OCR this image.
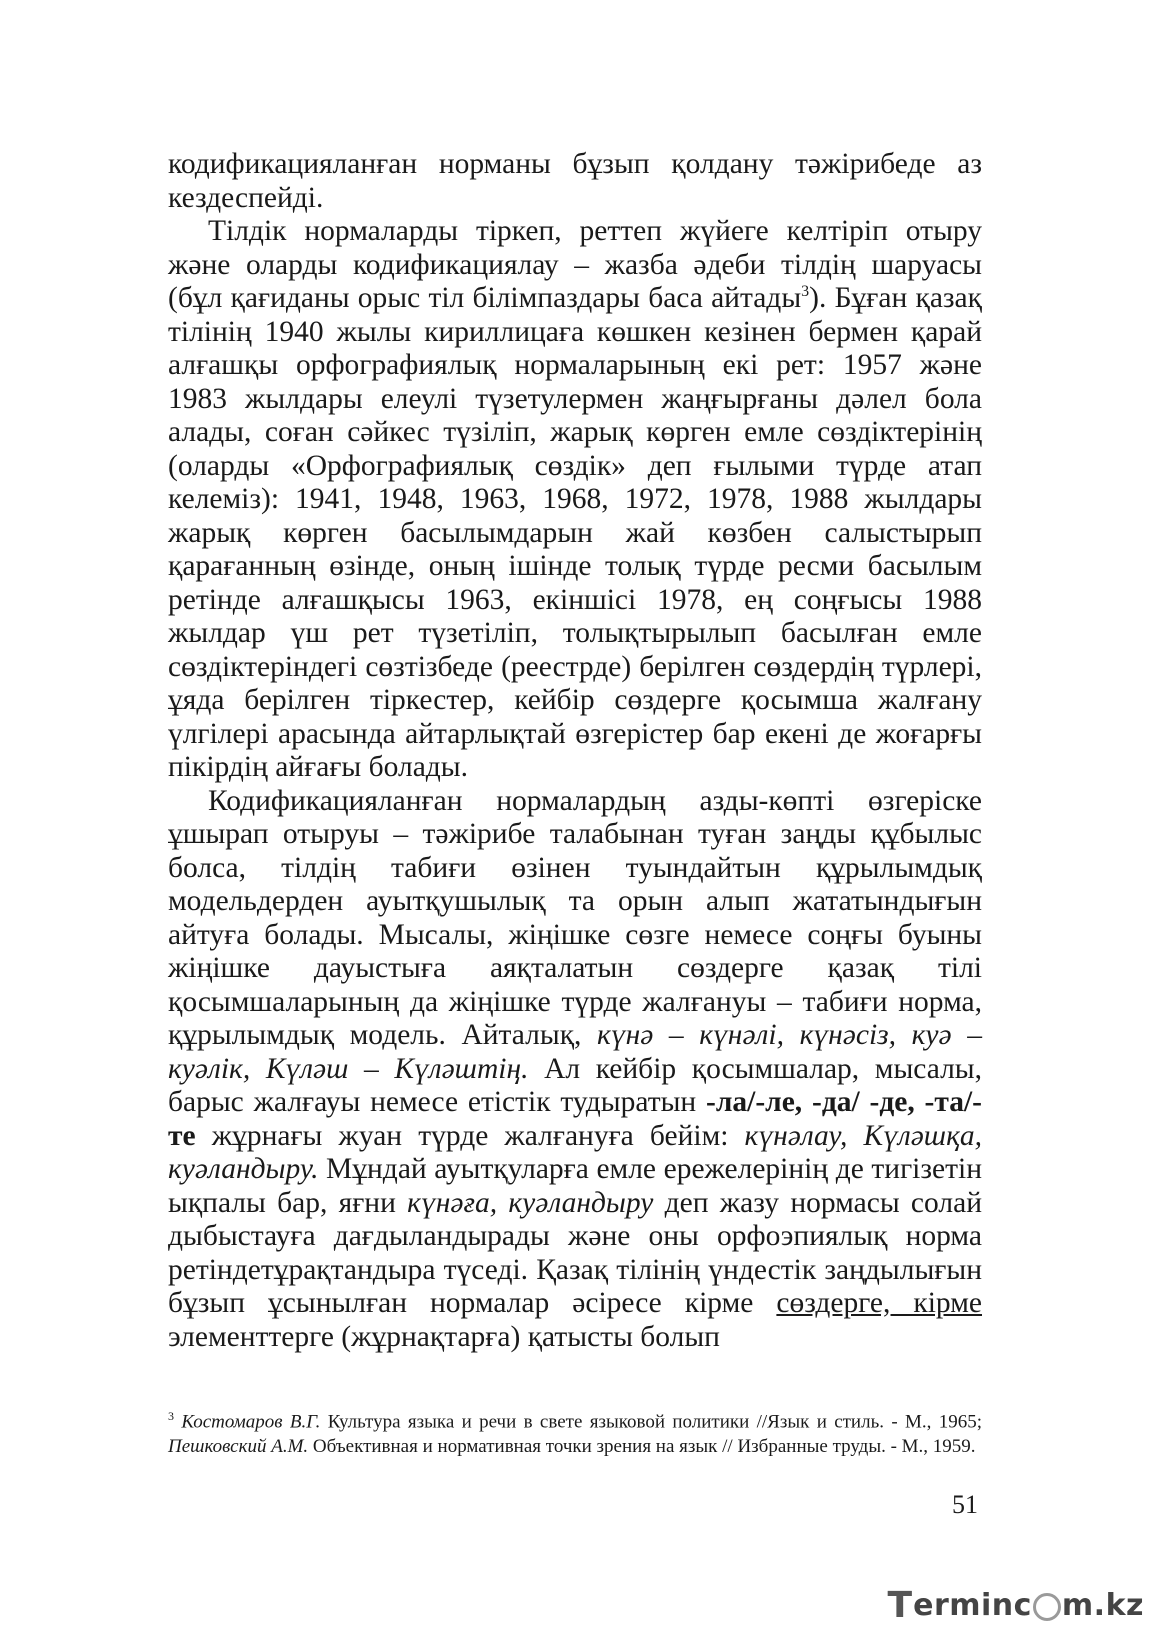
кодификацияланған норманы бұзып қолдану тәжірибеде аз кездеспейді.

Тілдік нормаларды тіркеп, реттеп жүйеге келтіріп отыру және оларды кодификациялау – жазба әдеби тілдің шаруасы (бұл қағиданы орыс тіл білімпаздары баса айтады$^3$). Бұған қазақ тілінің 1940 жылы кириллицаға көшкен кезінен бермен қарай алғашқы орфографиялық нормаларының екі рет: 1957 және 1983 жылдары елеулі түзетулермен жаңғырғаны дәлел бола алады, соған сәйкес түзіліп, жарық көрген емле сөздіктерінің (оларды «Орфографиялық сөздік» деп ғылыми түрде атап келеміз): 1941, 1948, 1963, 1968, 1972, 1978, 1988 жылдары жарық көрген басылымдарын жай көзбен салыстырып қарағанның өзінде, оның ішінде толық түрде ресми басылым ретінде алғашқысы 1963, екіншісі 1978, ең соңғысы 1988 жылдар үш рет түзетіліп, толықтырылып басылған емле сөздіктеріндегі сөзтізбеде (реестрде) берілген сөздердің түрлері, ұяда берілген тіркестер, кейбір сөздерге қосымша жалғану үлгілері арасында айтарлықтай өзгерістер бар екені де жоғарғы пікірдің айғағы болады.

Кодификацияланған нормалардың азды-көпті өзгеріске ұшырап отыруы – тәжірибе талабынан туған заңды құбылыс болса, тілдің табиғи өзінен туындайтын құрылымдық модельдерден ауытқушылық та орын алып жататындығын айтуға болады. Мысалы, жіңішке сөзге немесе соңғы буыны жіңішке дауыстыға аяқталатын сөздерге қазақ тілі қосымшаларының да жіңішке түрде жалғануы – табиғи норма, құрылымдық модель. Айталық, күнә – күнәлі, күнәсіз, куә – куәлік, Күләш – Күләштің. Ал кейбір қосымшалар, мысалы, барыс жалғауы немесе етістік тудыратын -ла/-ле, -да/ -де, -та/-те жұрнағы жуан түрде жалғануға бейім: күнәлау, Күләшқа, куәландыру. Мұндай ауытқуларға емле ережелерінің де тигізетін ықпалы бар, яғни күнәға, куәландыру деп жазу нормасы солай дыбыстауға дағдыландырады және оны орфоэпиялық норма ретіндетұрақтандыра түседі. Қазақ тілінің үндестік заңдылығын бұзып ұсынылған нормалар әсіресе кірме сөздерге, кірме элементтерге (жұрнақтарға) қатысты болып

$^3$ Костомаров В.Г. Культура языка и речи в свете языковой политики //Язык и стиль. - М., 1965; Пешковский А.М. Объективная и нормативная точки зрения на язык // Избранные труды. - М., 1959.

51
T erminc m.kz
